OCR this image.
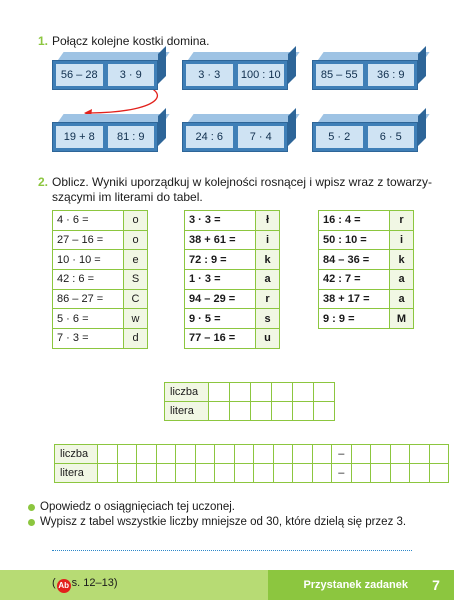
1. Połącz kolejne kostki domina.
56 – 28	3 · 9	3 · 3	100 : 10	85 – 55	36 : 9
19 + 8	81 : 9	24 : 6	7 · 4	5 · 2	6 · 5
2. Oblicz. Wyniki uporządkuj w kolejności rosnącej i wpisz wraz z towarzy-
szącymi im literami do tabel.
4 · 6 =	o
27 – 16 =	o
10 · 10 =	e
42 : 6 =	S
86 – 27 =	C
5 · 6 =	w
7 · 3 =	d
3 · 3 =	ł
38 + 61 =	i
72 : 9 =	k
1 · 3 =	a
94 – 29 =	r
9 · 5 =	s
77 – 16 =	u
16 : 4 =	r
50 : 10 =	i
84 – 36 =	k
42 : 7 =	a
38 + 17 =	a
9 : 9 =	M
liczba						
litera						
liczba													–					
litera													–					
Opowiedz o osiągnięciach tej uczonej.
Wypisz z tabel wszystkie liczby mniejsze od 30, które dzielą się przez 3.
( Ab s. 12–13)	Przystanek zadanek	7
